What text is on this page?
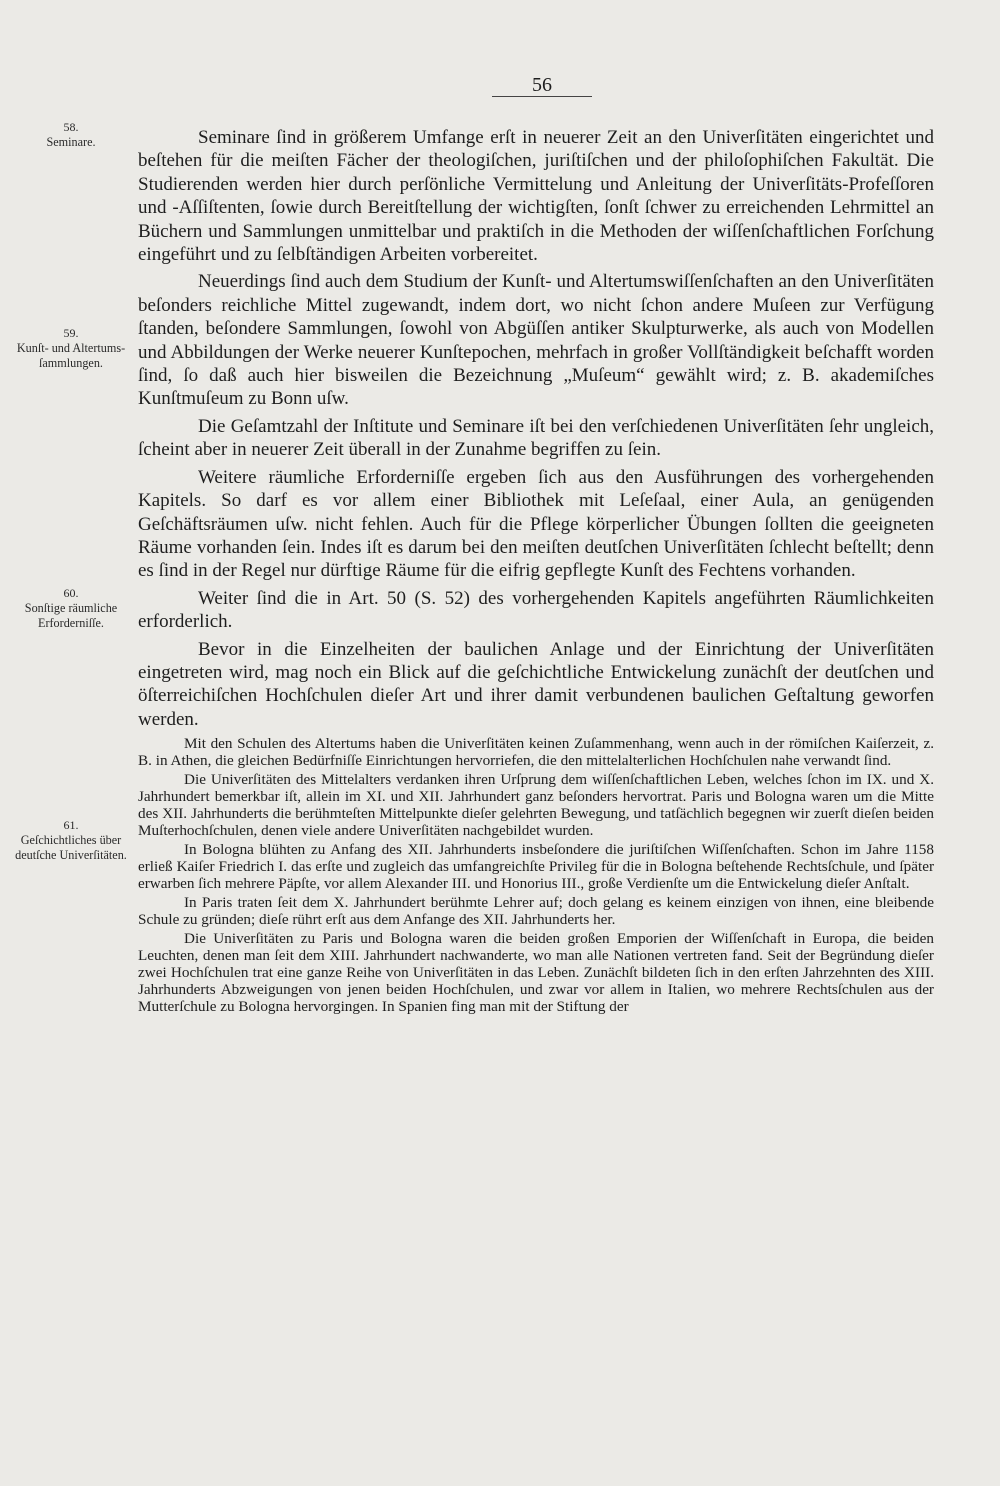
56
58.
Seminare.
59.
Kunſt- und Altertums-ſammlungen.
60.
Sonſtige räumliche Erforderniſſe.
61.
Geſchichtliches über deutſche Univerſitäten.

Seminare ſind in größerem Umfange erſt in neuerer Zeit an den Univerſitäten eingerichtet und beſtehen für die meiſten Fächer der theologiſchen, juriſtiſchen und der philoſophiſchen Fakultät. Die Studierenden werden hier durch perſönliche Vermittelung und Anleitung der Univerſitäts-Profeſſoren und -Aſſiſtenten, ſowie durch Bereitſtellung der wichtigſten, ſonſt ſchwer zu erreichenden Lehrmittel an Büchern und Sammlungen unmittelbar und praktiſch in die Methoden der wiſſenſchaftlichen Forſchung eingeführt und zu ſelbſtändigen Arbeiten vorbereitet.

Neuerdings ſind auch dem Studium der Kunſt- und Altertumswiſſenſchaften an den Univerſitäten beſonders reichliche Mittel zugewandt, indem dort, wo nicht ſchon andere Muſeen zur Verfügung ſtanden, beſondere Sammlungen, ſowohl von Abgüſſen antiker Skulpturwerke, als auch von Modellen und Abbildungen der Werke neuerer Kunſtepochen, mehrfach in großer Vollſtändigkeit beſchafft worden ſind, ſo daß auch hier bisweilen die Bezeichnung „Muſeum“ gewählt wird; z. B. akademiſches Kunſtmuſeum zu Bonn uſw.

Die Geſamtzahl der Inſtitute und Seminare iſt bei den verſchiedenen Univerſitäten ſehr ungleich, ſcheint aber in neuerer Zeit überall in der Zunahme begriffen zu ſein.

Weitere räumliche Erforderniſſe ergeben ſich aus den Ausführungen des vorhergehenden Kapitels. So darf es vor allem einer Bibliothek mit Leſeſaal, einer Aula, an genügenden Geſchäftsräumen uſw. nicht fehlen. Auch für die Pflege körperlicher Übungen ſollten die geeigneten Räume vorhanden ſein. Indes iſt es darum bei den meiſten deutſchen Univerſitäten ſchlecht beſtellt; denn es ſind in der Regel nur dürftige Räume für die eifrig gepflegte Kunſt des Fechtens vorhanden.

Weiter ſind die in Art. 50 (S. 52) des vorhergehenden Kapitels angeführten Räumlichkeiten erforderlich.

Bevor in die Einzelheiten der baulichen Anlage und der Einrichtung der Univerſitäten eingetreten wird, mag noch ein Blick auf die geſchichtliche Entwickelung zunächſt der deutſchen und öſterreichiſchen Hochſchulen dieſer Art und ihrer damit verbundenen baulichen Geſtaltung geworfen werden.

Mit den Schulen des Altertums haben die Univerſitäten keinen Zuſammenhang, wenn auch in der römiſchen Kaiſerzeit, z. B. in Athen, die gleichen Bedürfniſſe Einrichtungen hervorriefen, die den mittelalterlichen Hochſchulen nahe verwandt ſind.

Die Univerſitäten des Mittelalters verdanken ihren Urſprung dem wiſſenſchaftlichen Leben, welches ſchon im IX. und X. Jahrhundert bemerkbar iſt, allein im XI. und XII. Jahrhundert ganz beſonders hervortrat. Paris und Bologna waren um die Mitte des XII. Jahrhunderts die berühmteſten Mittelpunkte dieſer gelehrten Bewegung, und tatſächlich begegnen wir zuerſt dieſen beiden Muſterhochſchulen, denen viele andere Univerſitäten nachgebildet wurden.

In Bologna blühten zu Anfang des XII. Jahrhunderts insbeſondere die juriſtiſchen Wiſſenſchaften. Schon im Jahre 1158 erließ Kaiſer Friedrich I. das erſte und zugleich das umfangreichſte Privileg für die in Bologna beſtehende Rechtsſchule, und ſpäter erwarben ſich mehrere Päpſte, vor allem Alexander III. und Honorius III., große Verdienſte um die Entwickelung dieſer Anſtalt.

In Paris traten ſeit dem X. Jahrhundert berühmte Lehrer auf; doch gelang es keinem einzigen von ihnen, eine bleibende Schule zu gründen; dieſe rührt erſt aus dem Anfange des XII. Jahrhunderts her.

Die Univerſitäten zu Paris und Bologna waren die beiden großen Emporien der Wiſſenſchaft in Europa, die beiden Leuchten, denen man ſeit dem XIII. Jahrhundert nachwanderte, wo man alle Nationen vertreten fand. Seit der Begründung dieſer zwei Hochſchulen trat eine ganze Reihe von Univerſitäten in das Leben. Zunächſt bildeten ſich in den erſten Jahrzehnten des XIII. Jahrhunderts Abzweigungen von jenen beiden Hochſchulen, und zwar vor allem in Italien, wo mehrere Rechtsſchulen aus der Mutterſchule zu Bologna hervorgingen. In Spanien fing man mit der Stiftung der
